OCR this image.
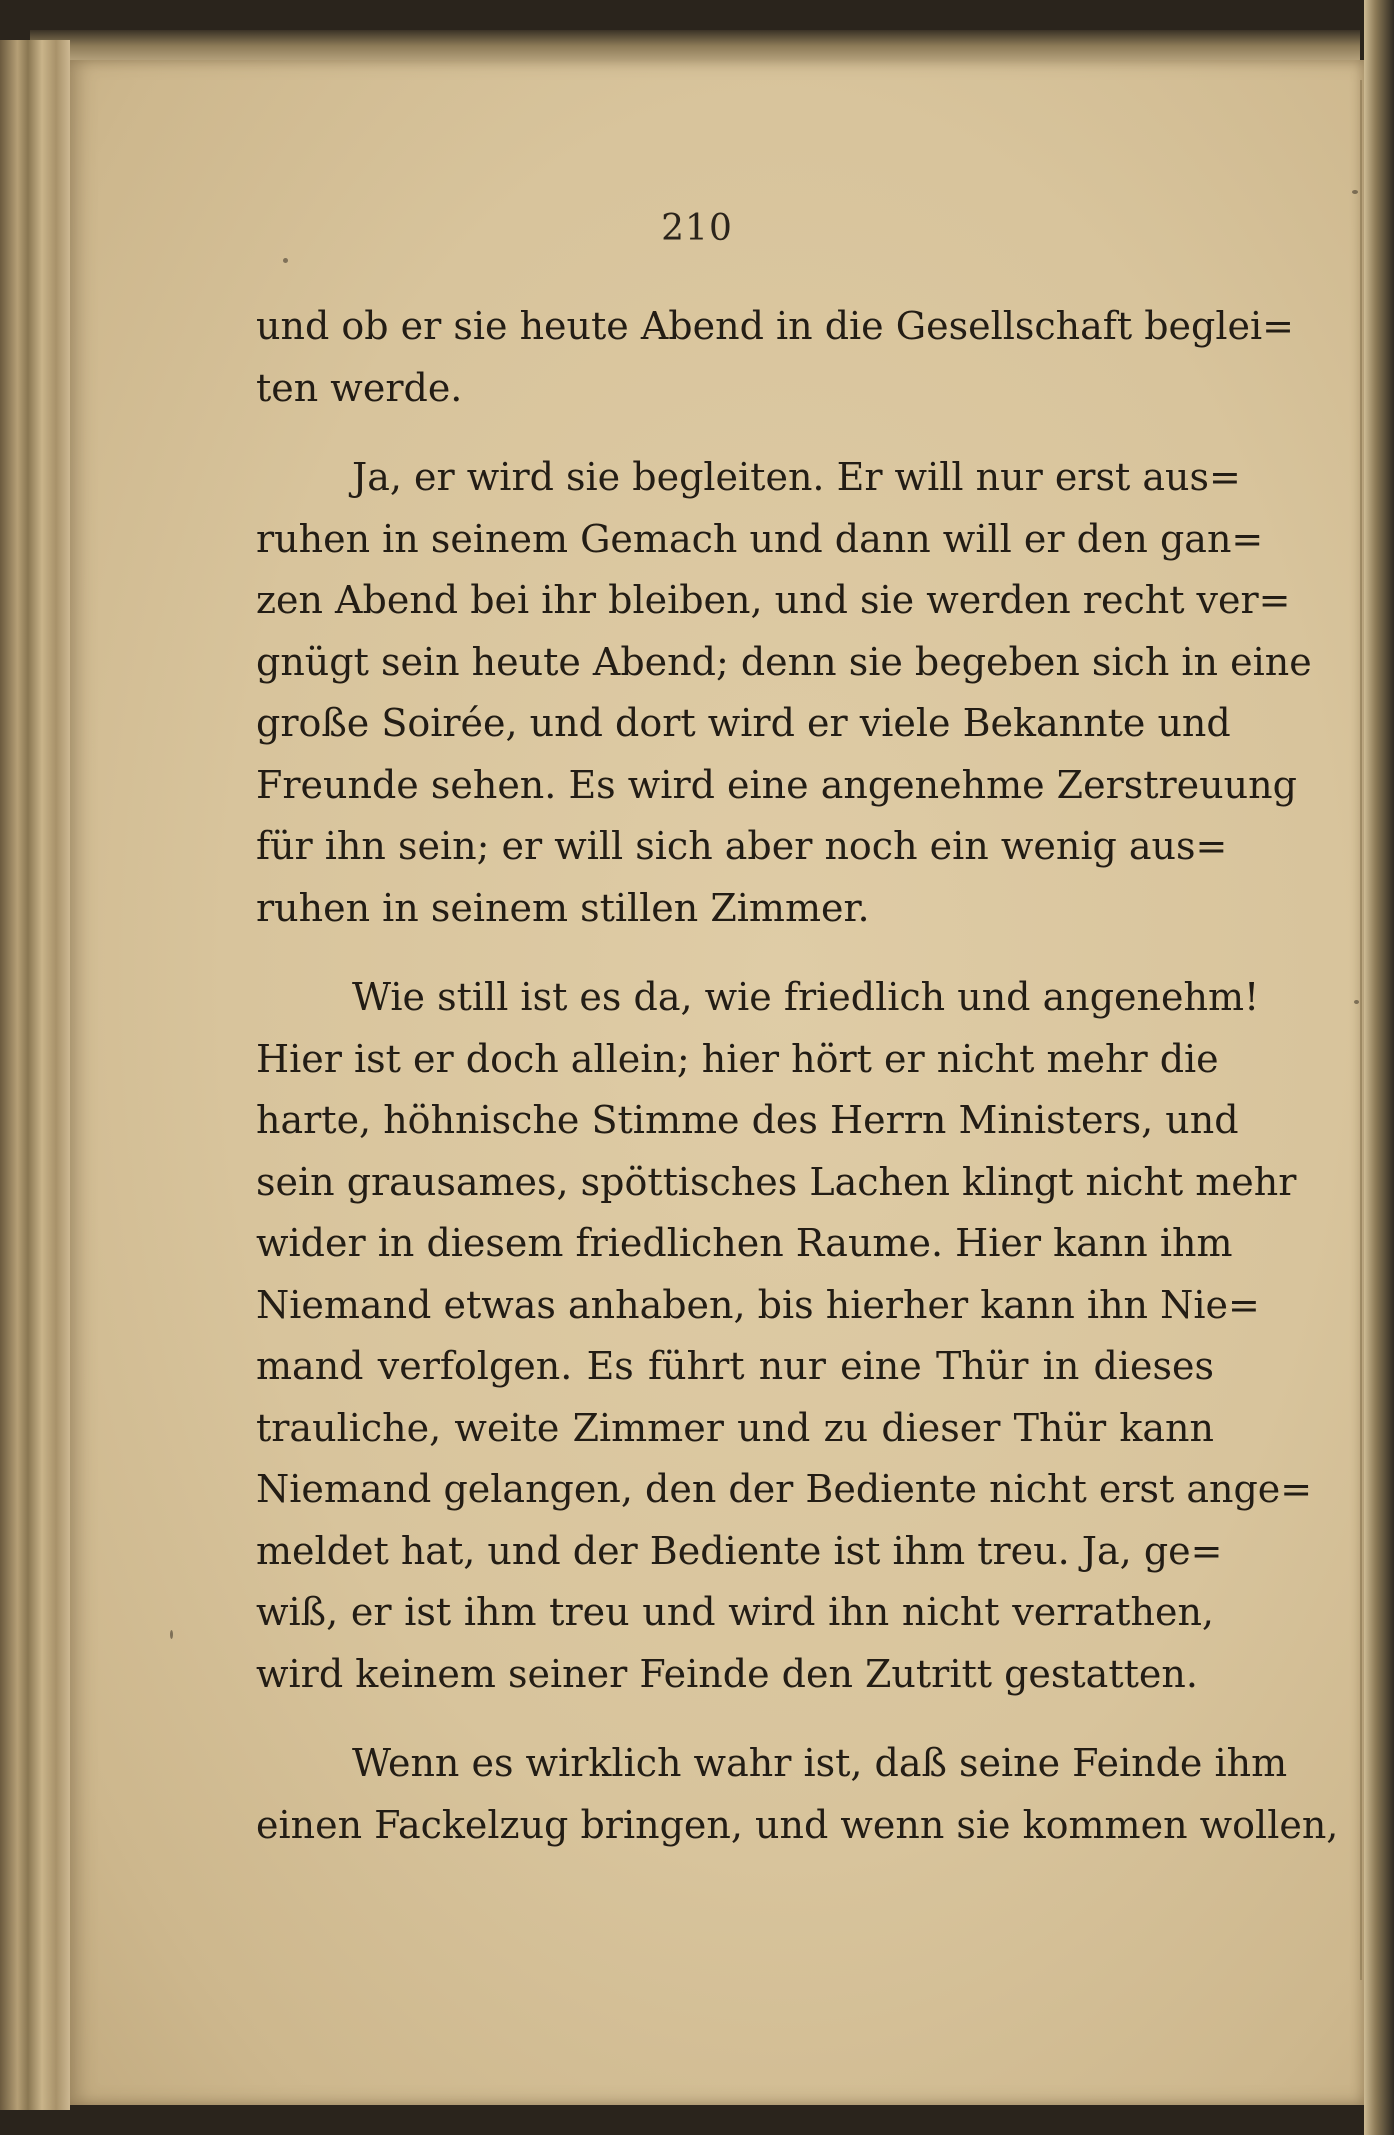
210
und ob er sie heute Abend in die Gesellschaft beglei=
ten werde.
Ja, er wird sie begleiten. Er will nur erst aus=
ruhen in seinem Gemach und dann will er den gan=
zen Abend bei ihr bleiben, und sie werden recht ver=
gnügt sein heute Abend; denn sie begeben sich in eine
große Soirée, und dort wird er viele Bekannte und
Freunde sehen. Es wird eine angenehme Zerstreuung
für ihn sein; er will sich aber noch ein wenig aus=
ruhen in seinem stillen Zimmer.
Wie still ist es da, wie friedlich und angenehm!
Hier ist er doch allein; hier hört er nicht mehr die
harte, höhnische Stimme des Herrn Ministers, und
sein grausames, spöttisches Lachen klingt nicht mehr
wider in diesem friedlichen Raume. Hier kann ihm
Niemand etwas anhaben, bis hierher kann ihn Nie=
mand verfolgen. Es führt nur eine Thür in dieses
trauliche, weite Zimmer und zu dieser Thür kann
Niemand gelangen, den der Bediente nicht erst ange=
meldet hat, und der Bediente ist ihm treu. Ja, ge=
wiß, er ist ihm treu und wird ihn nicht verrathen,
wird keinem seiner Feinde den Zutritt gestatten.
Wenn es wirklich wahr ist, daß seine Feinde ihm
einen Fackelzug bringen, und wenn sie kommen wollen,
